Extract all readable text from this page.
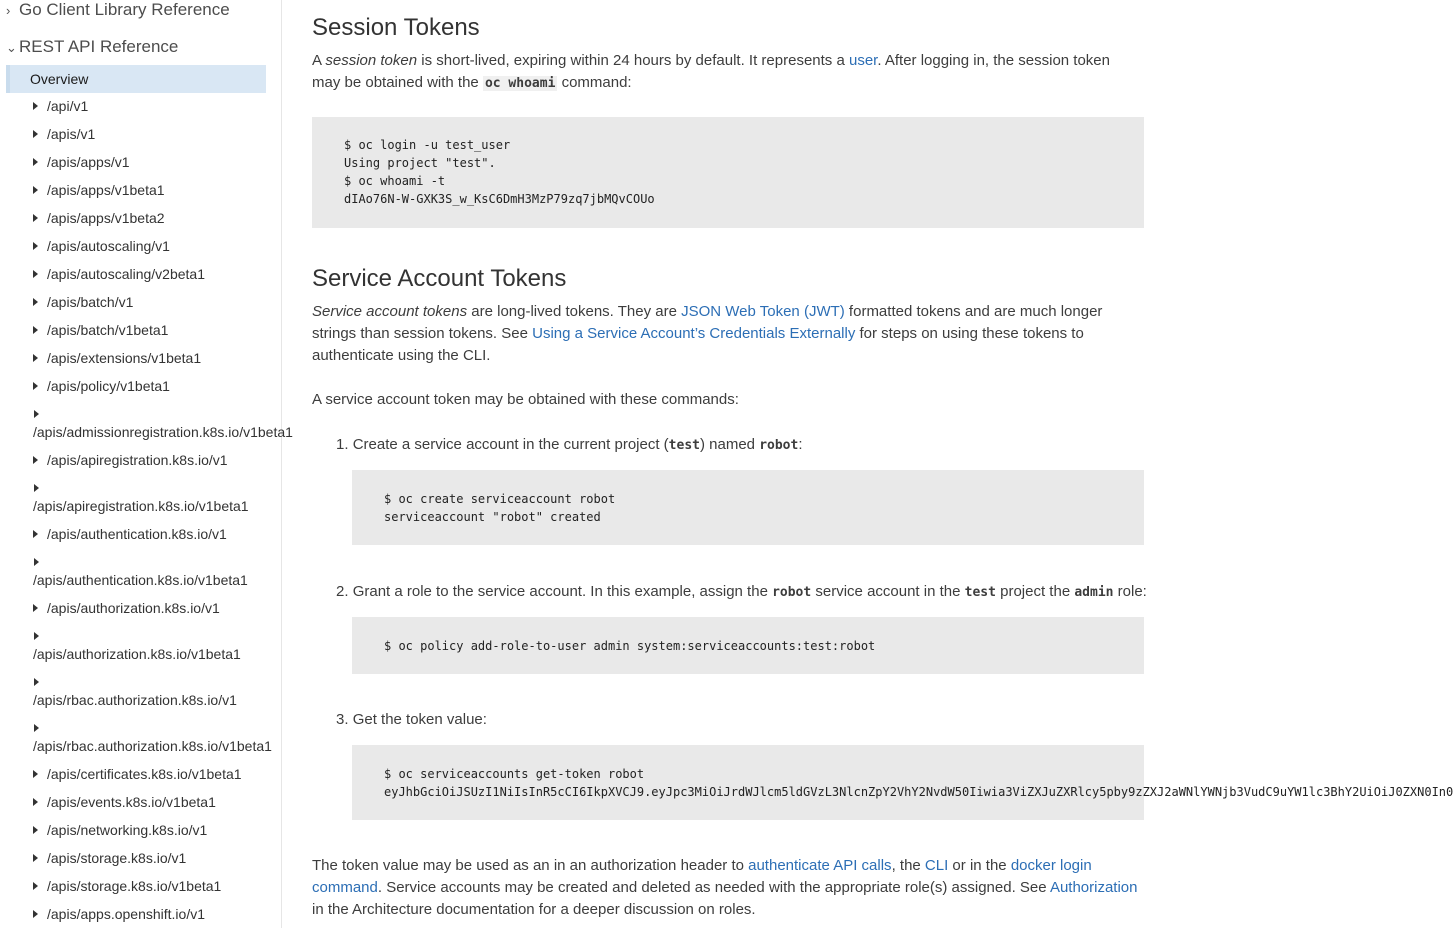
› Go Client Library Reference
⌄ REST API Reference
Overview
/api/v1
/apis/v1
/apis/apps/v1
/apis/apps/v1beta1
/apis/apps/v1beta2
/apis/autoscaling/v1
/apis/autoscaling/v2beta1
/apis/batch/v1
/apis/batch/v1beta1
/apis/extensions/v1beta1
/apis/policy/v1beta1
/apis/admissionregistration.k8s.io/v1beta1
/apis/apiregistration.k8s.io/v1
/apis/apiregistration.k8s.io/v1beta1
/apis/authentication.k8s.io/v1
/apis/authentication.k8s.io/v1beta1
/apis/authorization.k8s.io/v1
/apis/authorization.k8s.io/v1beta1
/apis/rbac.authorization.k8s.io/v1
/apis/rbac.authorization.k8s.io/v1beta1
/apis/certificates.k8s.io/v1beta1
/apis/events.k8s.io/v1beta1
/apis/networking.k8s.io/v1
/apis/storage.k8s.io/v1
/apis/storage.k8s.io/v1beta1
/apis/apps.openshift.io/v1
Session Tokens
A session token is short-lived, expiring within 24 hours by default. It represents a user. After logging in, the session token may be obtained with the oc whoami command:
$ oc login -u test_user
Using project "test".
$ oc whoami -t
dIAo76N-W-GXK3S_w_KsC6DmH3MzP79zq7jbMQvCOUo
Service Account Tokens
Service account tokens are long-lived tokens. They are JSON Web Token (JWT) formatted tokens and are much longer strings than session tokens. See Using a Service Account’s Credentials Externally for steps on using these tokens to authenticate using the CLI.
A service account token may be obtained with these commands:
1. Create a service account in the current project (test) named robot:
$ oc create serviceaccount robot
serviceaccount "robot" created
2. Grant a role to the service account. In this example, assign the robot service account in the test project the admin role:
$ oc policy add-role-to-user admin system:serviceaccounts:test:robot
3. Get the token value:
$ oc serviceaccounts get-token robot
eyJhbGciOiJSUzI1NiIsInR5cCI6IkpXVCJ9.eyJpc3MiOiJrdWJlcm5ldGVzL3NlcnZpY2VhY2NvdW50Iiwia3ViZXJuZXRlcy5pby9zZXJ2aWNlYWNjb3VudC9uYW1lc3BhY2UiOiJ0ZXN0In0
The token value may be used as an in an authorization header to authenticate API calls, the CLI or in the docker login command. Service accounts may be created and deleted as needed with the appropriate role(s) assigned. See Authorization in the Architecture documentation for a deeper discussion on roles.
